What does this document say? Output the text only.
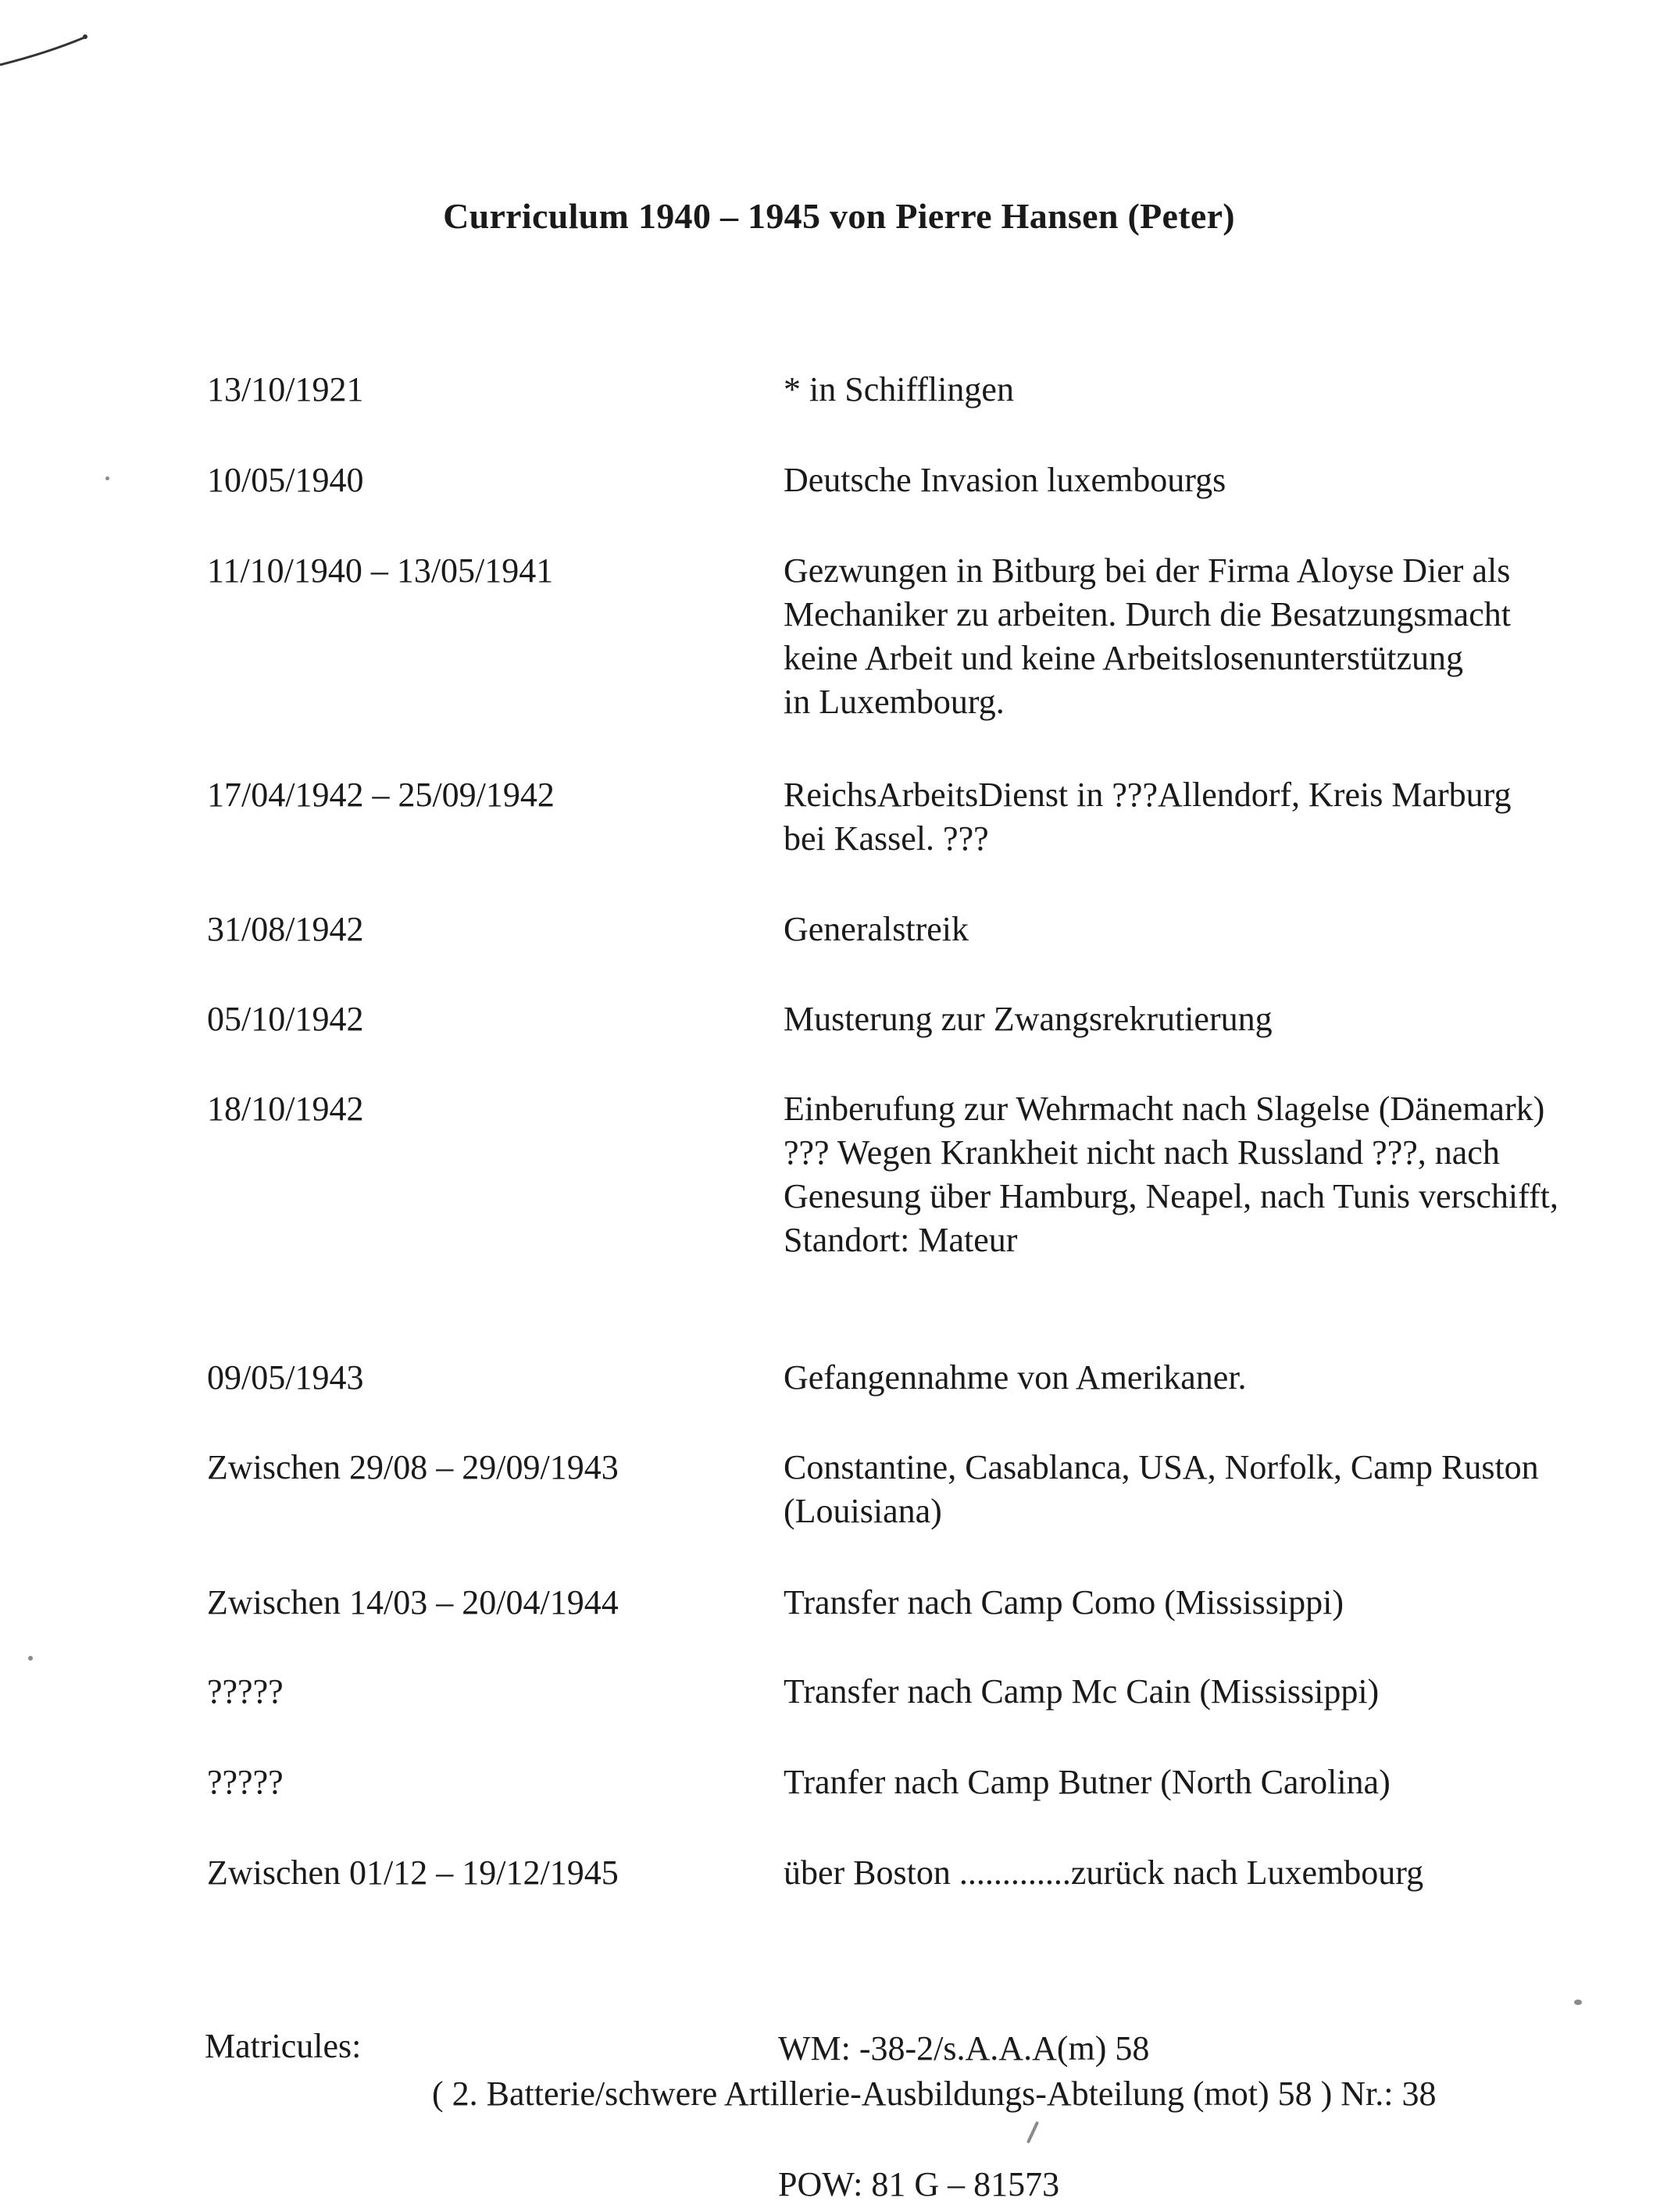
Curriculum 1940 – 1945 von Pierre Hansen (Peter)
13/10/1921	* in Schifflingen
10/05/1940	Deutsche Invasion luxembourgs
11/10/1940 – 13/05/1941	Gezwungen in Bitburg bei der Firma Aloyse Dier als
Mechaniker zu arbeiten. Durch die Besatzungsmacht
keine Arbeit und keine Arbeitslosenunterstützung
in Luxembourg.
17/04/1942 – 25/09/1942	ReichsArbeitsDienst in ???Allendorf, Kreis Marburg
bei Kassel. ???
31/08/1942	Generalstreik
05/10/1942	Musterung zur Zwangsrekrutierung
18/10/1942	Einberufung zur Wehrmacht nach Slagelse (Dänemark)
??? Wegen Krankheit nicht nach Russland ???, nach
Genesung über Hamburg, Neapel, nach Tunis verschifft,
Standort: Mateur
09/05/1943	Gefangennahme von Amerikaner.
Zwischen 29/08 – 29/09/1943	Constantine, Casablanca, USA, Norfolk, Camp Ruston
(Louisiana)
Zwischen 14/03 – 20/04/1944	Transfer nach Camp Como (Mississippi)
?????	Transfer nach Camp Mc Cain (Mississippi)
?????	Tranfer nach Camp Butner (North Carolina)
Zwischen 01/12 – 19/12/1945	über Boston .............zurück nach Luxembourg
Matricules:	WM: -38-2/s.A.A.A(m) 58
( 2. Batterie/schwere Artillerie-Ausbildungs-Abteilung (mot) 58 ) Nr.: 38
POW: 81 G – 81573
